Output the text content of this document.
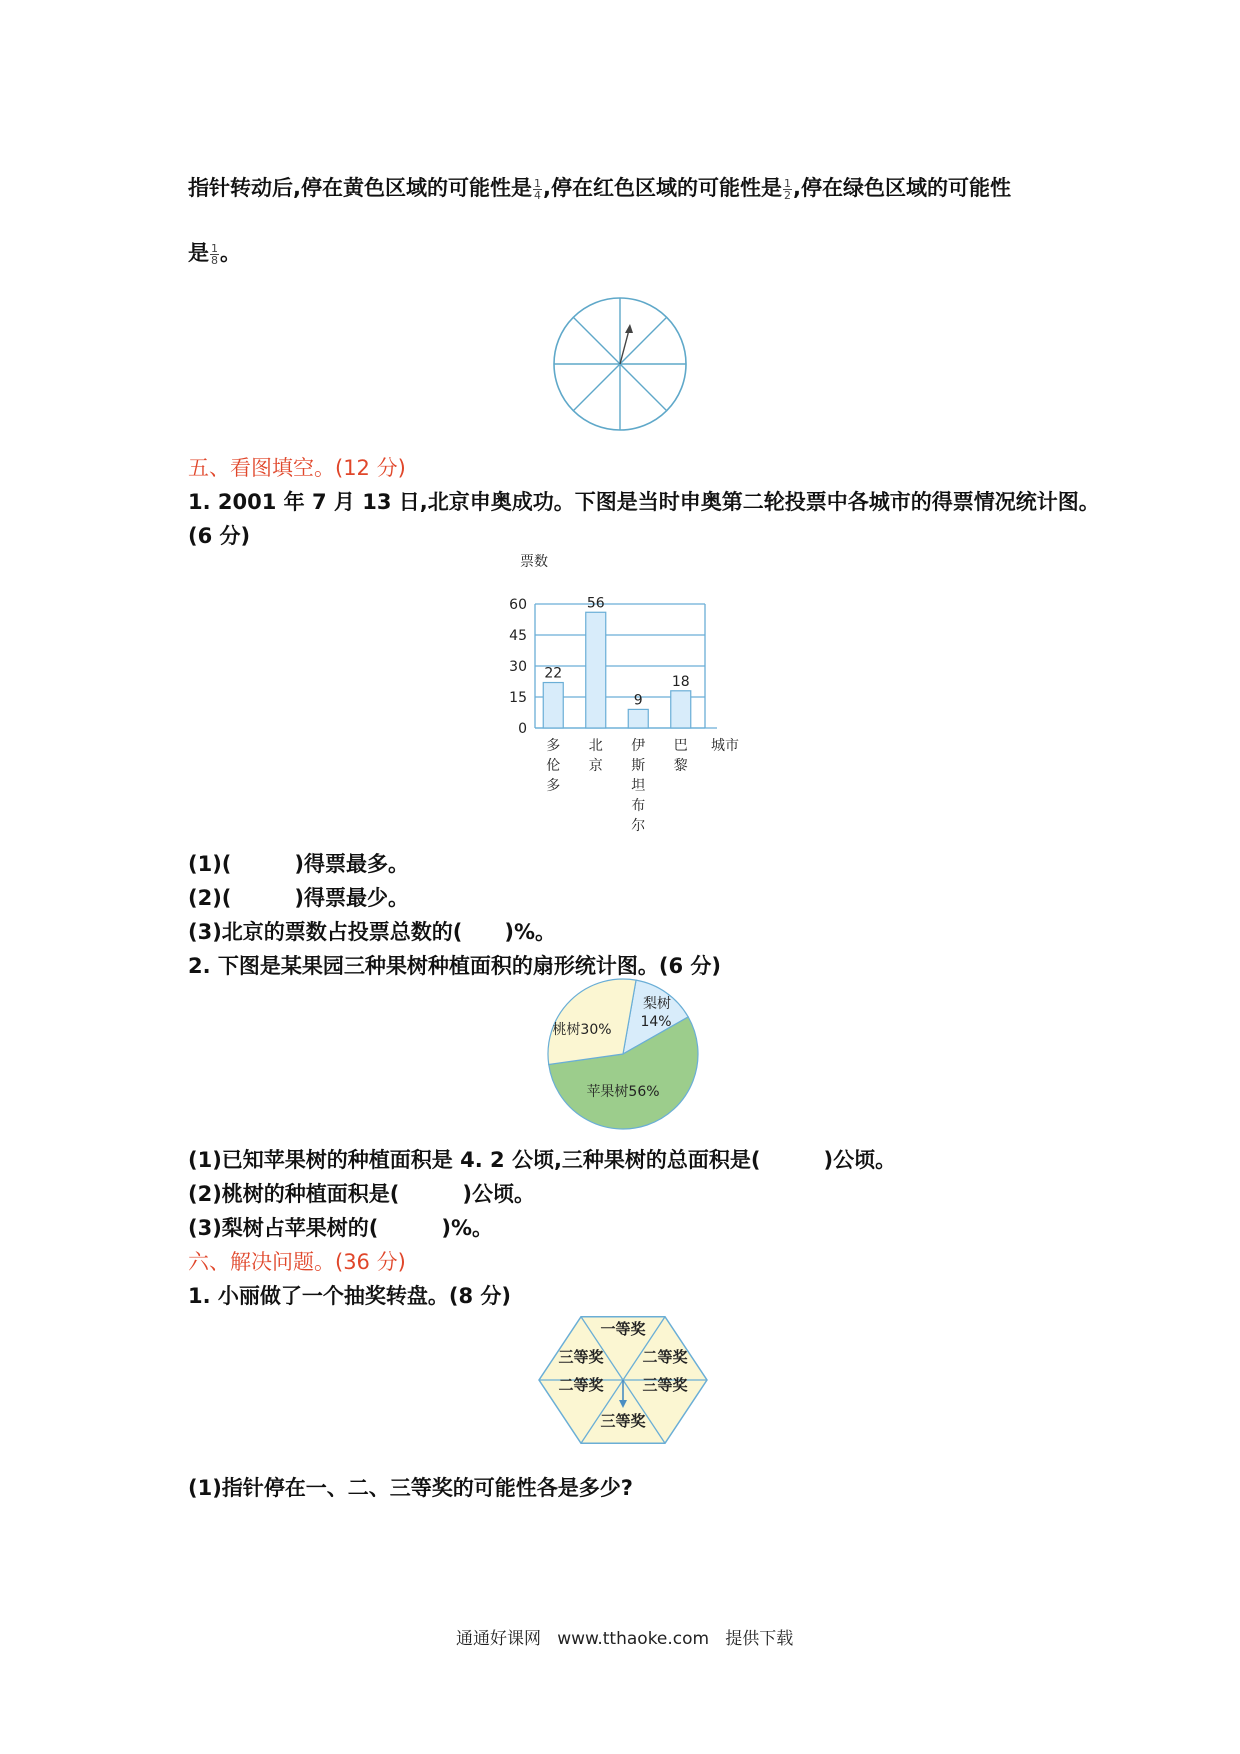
指针转动后,停在黄色区域的可能性是 $\frac{1}{4}$ ,停在红色区域的可能性是 $\frac{1}{2}$ ,停在绿色区域的可能性
是 $\frac{1}{8}$ 。
五、看图填空。(12 分)
1. 2001 年 7 月 13 日,北京申奥成功。下图是当时申奥第二轮投票中各城市的得票情况统计图。
(6 分)
票数
0
15
30
45
60
22
多
伦
多
56
北
京
9
伊
斯
坦
布
尔
18
巴
黎
城市
(1)(　　　)得票最多。
(2)(　　　)得票最少。
(3)北京的票数占投票总数的(　　)%。
2. 下图是某果园三种果树种植面积的扇形统计图。(6 分)
梨树
14%
苹果树56%
桃树30%
(1)已知苹果树的种植面积是 4. 2 公顷,三种果树的总面积是(　　　)公顷。
(2)桃树的种植面积是(　　　)公顷。
(3)梨树占苹果树的(　　　)%。
六、解决问题。(36 分)
1. 小丽做了一个抽奖转盘。(8 分)
一等奖
三等奖	二等奖
三等奖
二等奖
三等奖
(1)指针停在一、二、三等奖的可能性各是多少?
通通好课网   www.tthaoke.com   提供下载
